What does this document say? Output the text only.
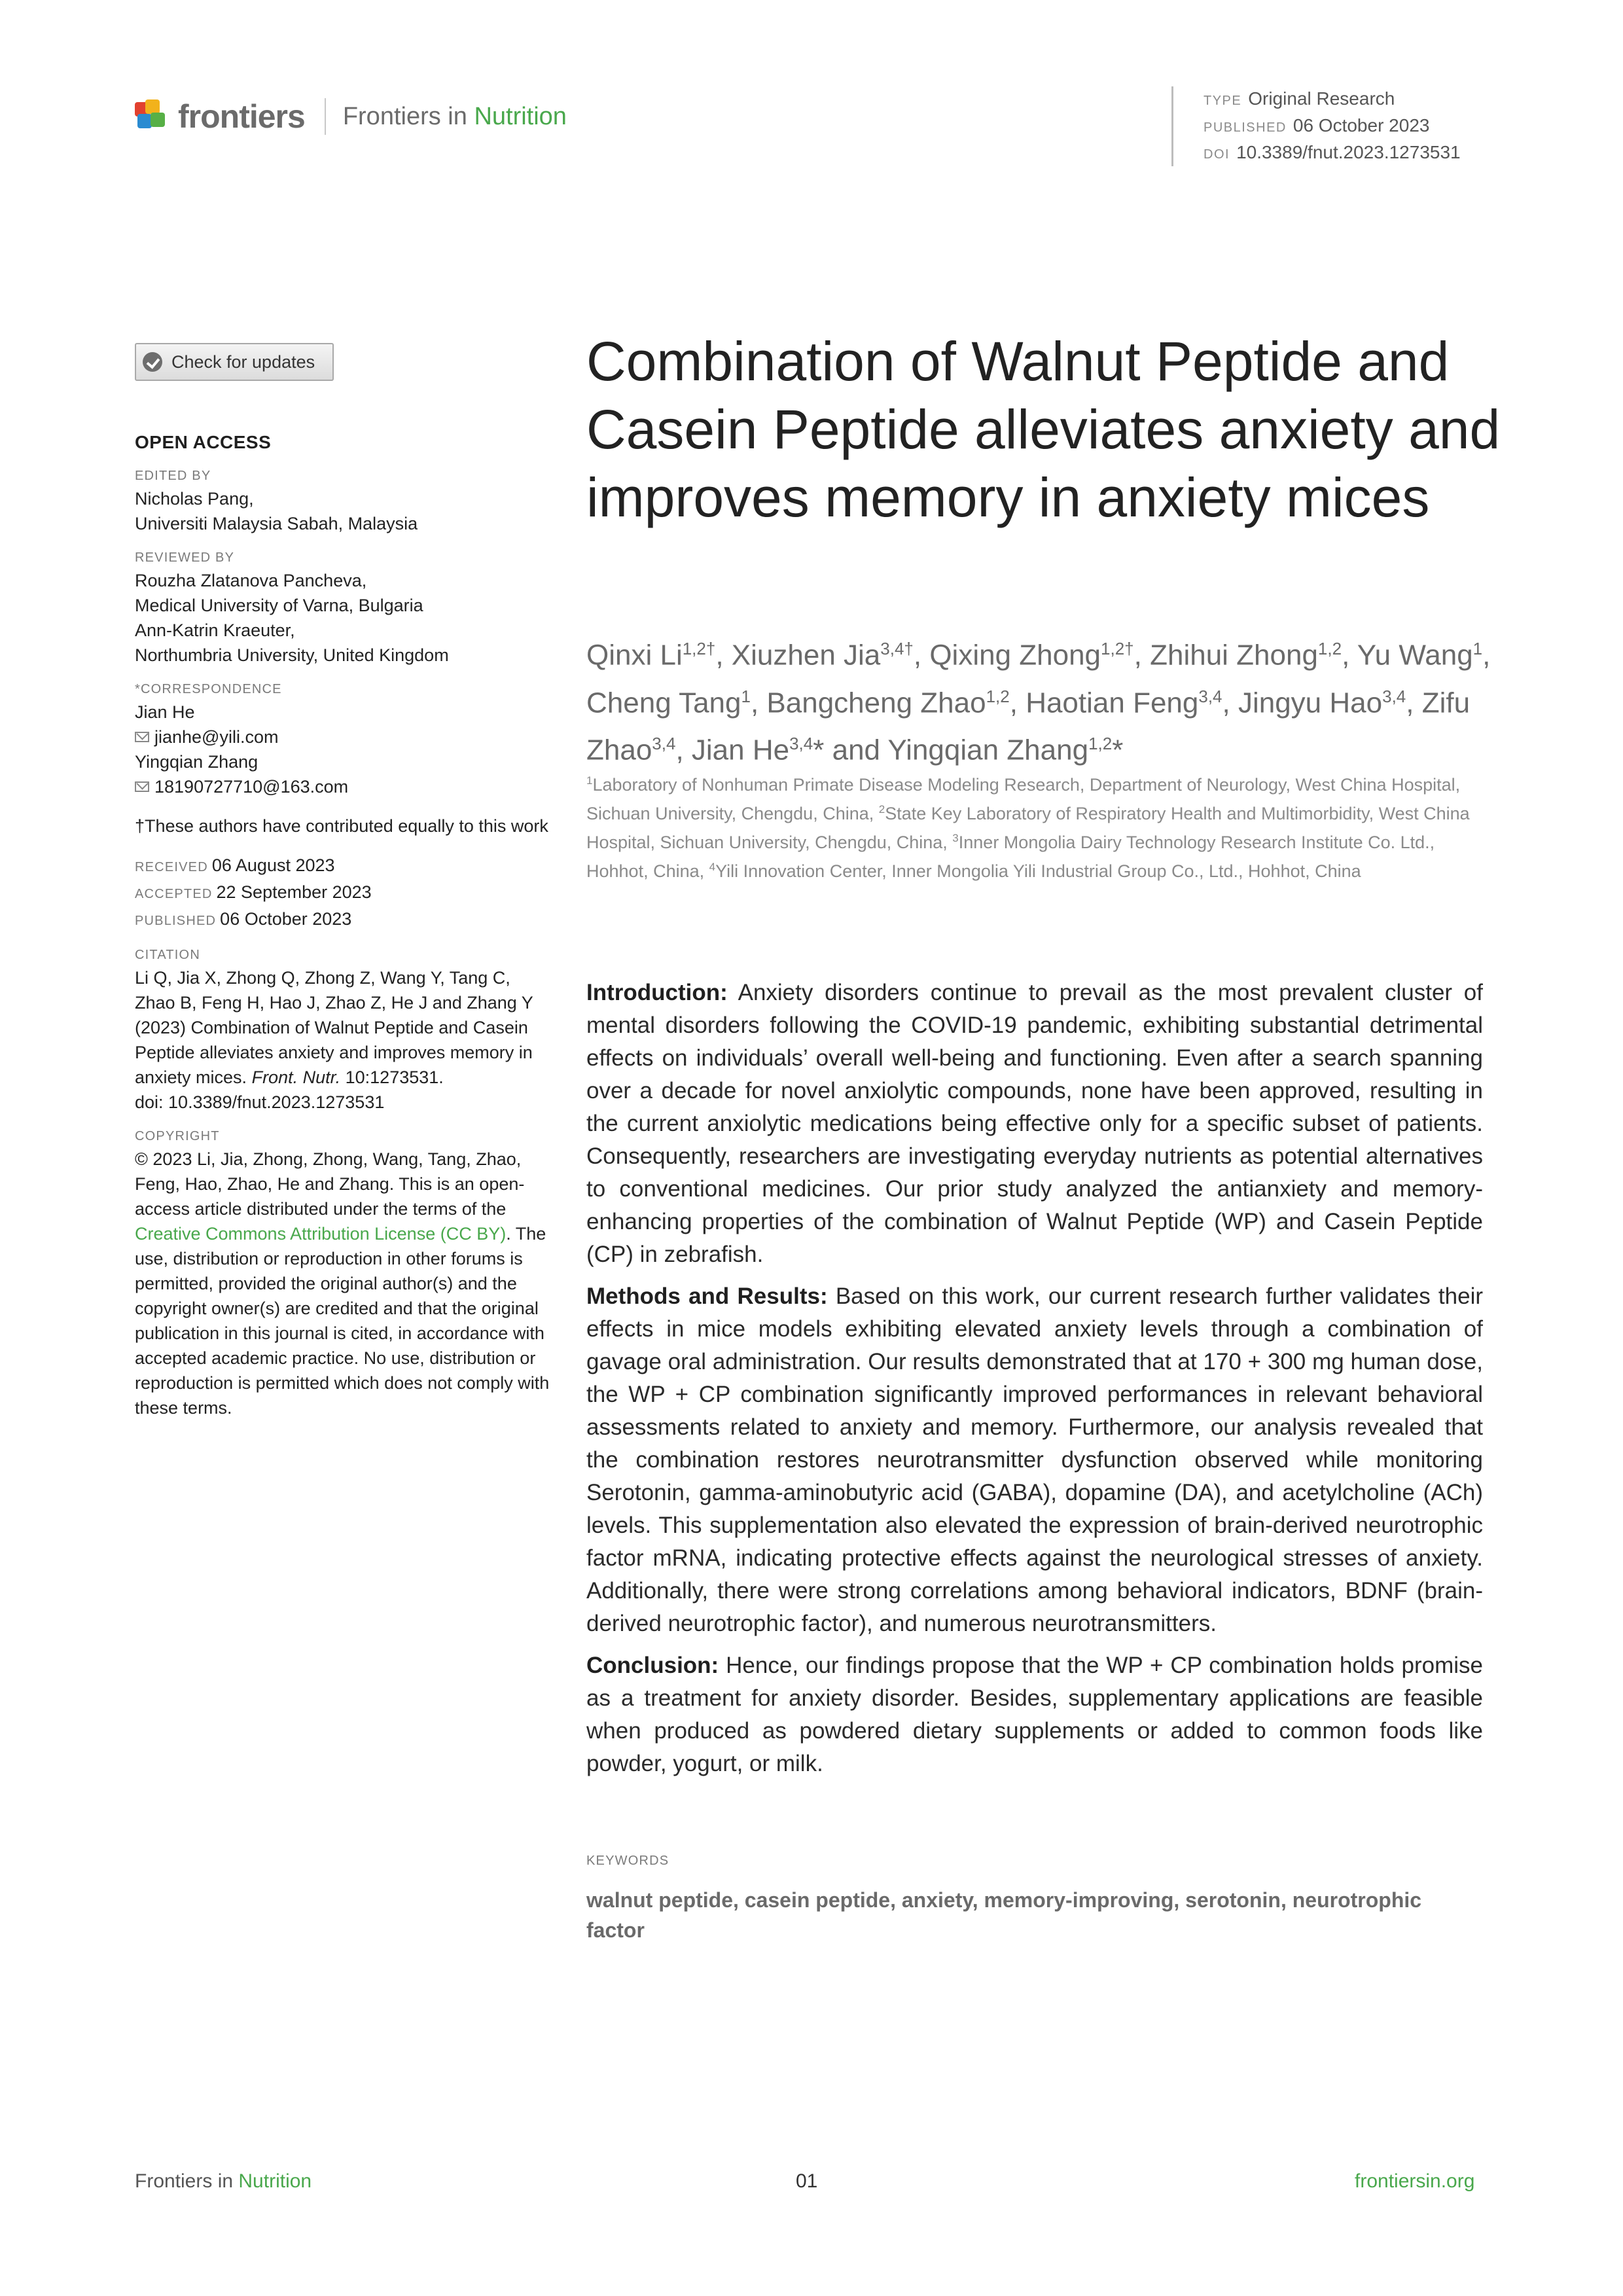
frontiers Frontiers in Nutrition
TYPE Original Research
PUBLISHED 06 October 2023
DOI 10.3389/fnut.2023.1273531
Check for updates
OPEN ACCESS
EDITED BY
Nicholas Pang,
Universiti Malaysia Sabah, Malaysia
REVIEWED BY
Rouzha Zlatanova Pancheva,
Medical University of Varna, Bulgaria
Ann-Katrin Kraeuter,
Northumbria University, United Kingdom
*CORRESPONDENCE
Jian He
jianhe@yili.com
Yingqian Zhang
18190727710@163.com
†These authors have contributed equally to this work
RECEIVED 06 August 2023
ACCEPTED 22 September 2023
PUBLISHED 06 October 2023
CITATION
Li Q, Jia X, Zhong Q, Zhong Z, Wang Y, Tang C, Zhao B, Feng H, Hao J, Zhao Z, He J and Zhang Y (2023) Combination of Walnut Peptide and Casein Peptide alleviates anxiety and improves memory in anxiety mices. Front. Nutr. 10:1273531.
doi: 10.3389/fnut.2023.1273531
COPYRIGHT
© 2023 Li, Jia, Zhong, Zhong, Wang, Tang, Zhao, Feng, Hao, Zhao, He and Zhang. This is an open-access article distributed under the terms of the Creative Commons Attribution License (CC BY). The use, distribution or reproduction in other forums is permitted, provided the original author(s) and the copyright owner(s) are credited and that the original publication in this journal is cited, in accordance with accepted academic practice. No use, distribution or reproduction is permitted which does not comply with these terms.
Combination of Walnut Peptide and Casein Peptide alleviates anxiety and improves memory in anxiety mices
Qinxi $Li^{1,2\dagger}$, Xiuzhen Jia$^{3,4\dagger}$, Qixing Zhong$^{1,2\dagger}$, Zhihui Zhong$^{1,2}$, Yu Wang$^1$, Cheng Tang$^1$, Bangcheng Zhao$^{1,2}$, Haotian Feng$^{3,4}$, Jingyu Hao$^{3,4}$, Zifu Zhao$^{3,4}$, Jian He$^{3,4}$* and Yingqian Zhang$^{1,2}$*
$^1$Laboratory of Nonhuman Primate Disease Modeling Research, Department of Neurology, West China Hospital, Sichuan University, Chengdu, China, $^2$State Key Laboratory of Respiratory Health and Multimorbidity, West China Hospital, Sichuan University, Chengdu, China, $^3$Inner Mongolia Dairy Technology Research Institute Co. Ltd., Hohhot, China, $^4$Yili Innovation Center, Inner Mongolia Yili Industrial Group Co., Ltd., Hohhot, China

Introduction: Anxiety disorders continue to prevail as the most prevalent cluster of mental disorders following the COVID-19 pandemic, exhibiting substantial detrimental effects on individuals’ overall well-being and functioning. Even after a search spanning over a decade for novel anxiolytic compounds, none have been approved, resulting in the current anxiolytic medications being effective only for a specific subset of patients. Consequently, researchers are investigating everyday nutrients as potential alternatives to conventional medicines. Our prior study analyzed the antianxiety and memory-enhancing properties of the combination of Walnut Peptide (WP) and Casein Peptide (CP) in zebrafish.

Methods and Results: Based on this work, our current research further validates their effects in mice models exhibiting elevated anxiety levels through a combination of gavage oral administration. Our results demonstrated that at 170 + 300 mg human dose, the WP + CP combination significantly improved performances in relevant behavioral assessments related to anxiety and memory. Furthermore, our analysis revealed that the combination restores neurotransmitter dysfunction observed while monitoring Serotonin, gamma-aminobutyric acid (GABA), dopamine (DA), and acetylcholine (ACh) levels. This supplementation also elevated the expression of brain-derived neurotrophic factor mRNA, indicating protective effects against the neurological stresses of anxiety. Additionally, there were strong correlations among behavioral indicators, BDNF (brain-derived neurotrophic factor), and numerous neurotransmitters.

Conclusion: Hence, our findings propose that the WP + CP combination holds promise as a treatment for anxiety disorder. Besides, supplementary applications are feasible when produced as powdered dietary supplements or added to common foods like powder, yogurt, or milk.

KEYWORDS
walnut peptide, casein peptide, anxiety, memory-improving, serotonin, neurotrophic factor
Frontiers in Nutrition	01	frontiersin.org
